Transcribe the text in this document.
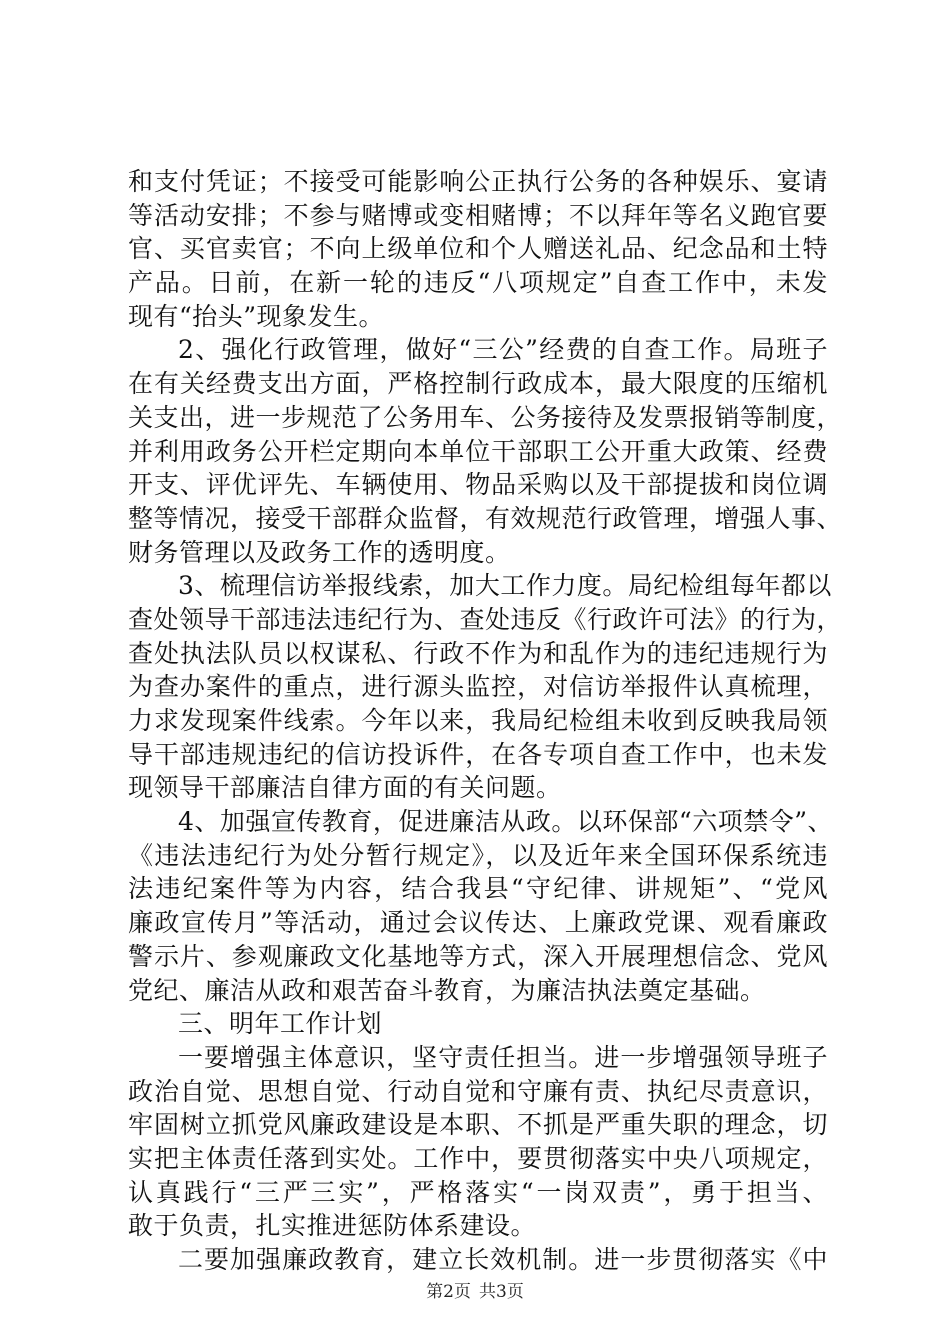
和支付凭证；不接受可能影响公正执行公务的各种娱乐、宴请
等活动安排；不参与赌博或变相赌博；不以拜年等名义跑官要
官、买官卖官；不向上级单位和个人赠送礼品、纪念品和土特
产品。日前，在新一轮的违反“八项规定”自查工作中，未发
现有“抬头”现象发生。
2、强化行政管理，做好“三公”经费的自查工作。局班子
在有关经费支出方面，严格控制行政成本，最大限度的压缩机
关支出，进一步规范了公务用车、公务接待及发票报销等制度，
并利用政务公开栏定期向本单位干部职工公开重大政策、经费
开支、评优评先、车辆使用、物品采购以及干部提拔和岗位调
整等情况，接受干部群众监督，有效规范行政管理，增强人事、
财务管理以及政务工作的透明度。
3、梳理信访举报线索，加大工作力度。局纪检组每年都以
查处领导干部违法违纪行为、查处违反《行政许可法》的行为，
查处执法队员以权谋私、行政不作为和乱作为的违纪违规行为
为查办案件的重点，进行源头监控，对信访举报件认真梳理，
力求发现案件线索。今年以来，我局纪检组未收到反映我局领
导干部违规违纪的信访投诉件，在各专项自查工作中，也未发
现领导干部廉洁自律方面的有关问题。
4、加强宣传教育，促进廉洁从政。以环保部“六项禁令”、
《违法违纪行为处分暂行规定》，以及近年来全国环保系统违
法违纪案件等为内容，结合我县“守纪律、讲规矩”、“党风
廉政宣传月”等活动，通过会议传达、上廉政党课、观看廉政
警示片、参观廉政文化基地等方式，深入开展理想信念、党风
党纪、廉洁从政和艰苦奋斗教育，为廉洁执法奠定基础。
三、明年工作计划
一要增强主体意识，坚守责任担当。进一步增强领导班子
政治自觉、思想自觉、行动自觉和守廉有责、执纪尽责意识，
牢固树立抓党风廉政建设是本职、不抓是严重失职的理念，切
实把主体责任落到实处。工作中，要贯彻落实中央八项规定，
认真践行“三严三实”，严格落实“一岗双责”，勇于担当、
敢于负责，扎实推进惩防体系建设。
二要加强廉政教育，建立长效机制。进一步贯彻落实《中
第2页 共3页
